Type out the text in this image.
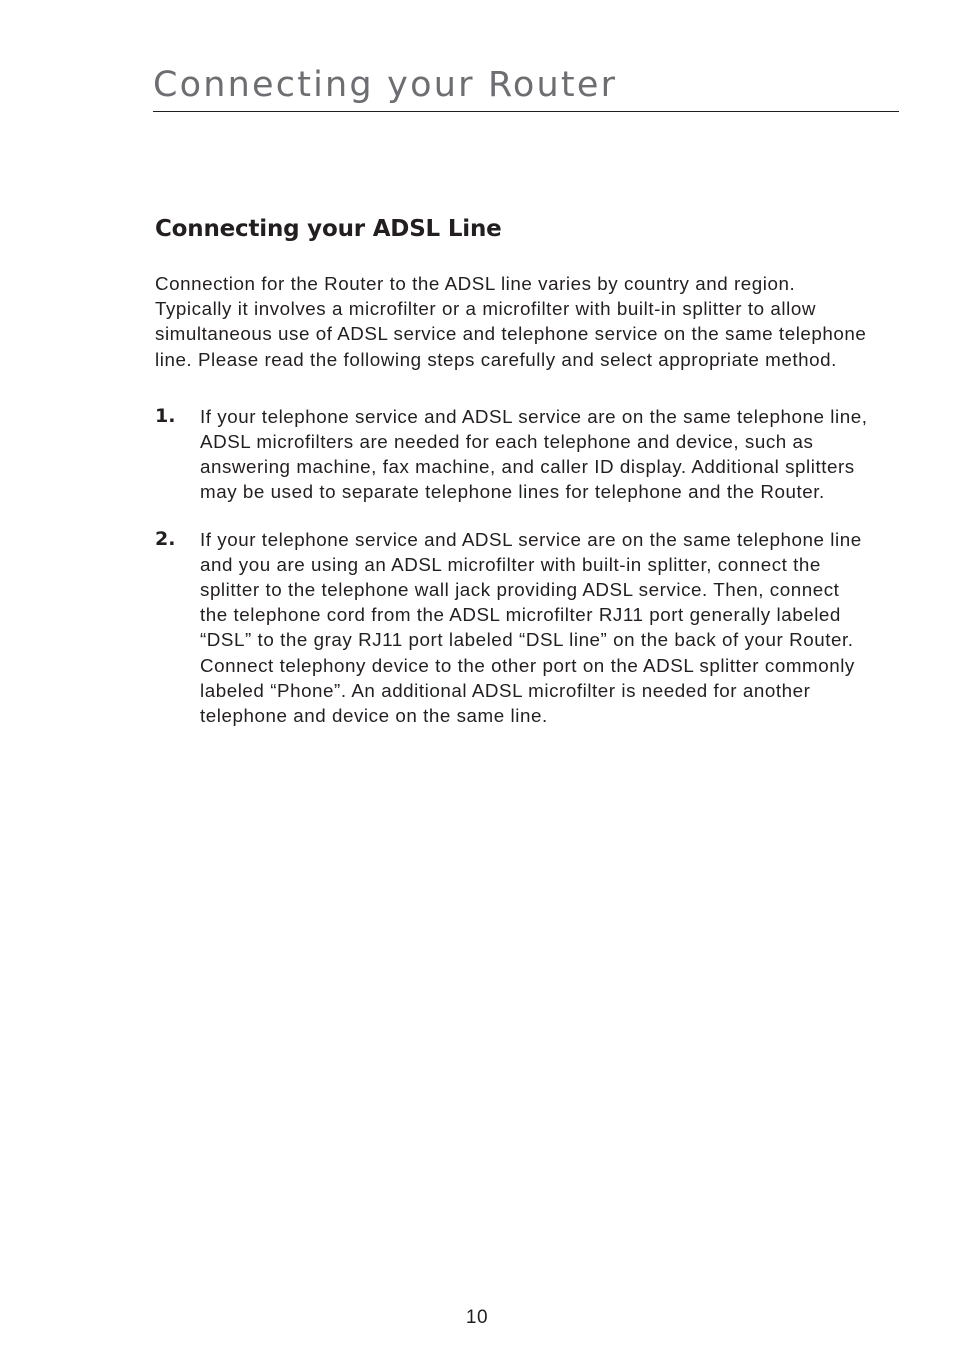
Connecting your Router
Connecting your ADSL Line

Connection for the Router to the ADSL line varies by country and region. Typically it involves a microfilter or a microfilter with built-in splitter to allow simultaneous use of ADSL service and telephone service on the same telephone line. Please read the following steps carefully and select appropriate method.

1. If your telephone service and ADSL service are on the same telephone line, ADSL microfilters are needed for each telephone and device, such as answering machine, fax machine, and caller ID display. Additional splitters may be used to separate telephone lines for telephone and the Router.
2. If your telephone service and ADSL service are on the same telephone line and you are using an ADSL microfilter with built-in splitter, connect the splitter to the telephone wall jack providing ADSL service. Then, connect the telephone cord from the ADSL microfilter RJ11 port generally labeled “DSL” to the gray RJ11 port labeled “DSL line” on the back of your Router. Connect telephony device to the other port on the ADSL splitter commonly labeled “Phone”. An additional ADSL microfilter is needed for another telephone and device on the same line.
10
